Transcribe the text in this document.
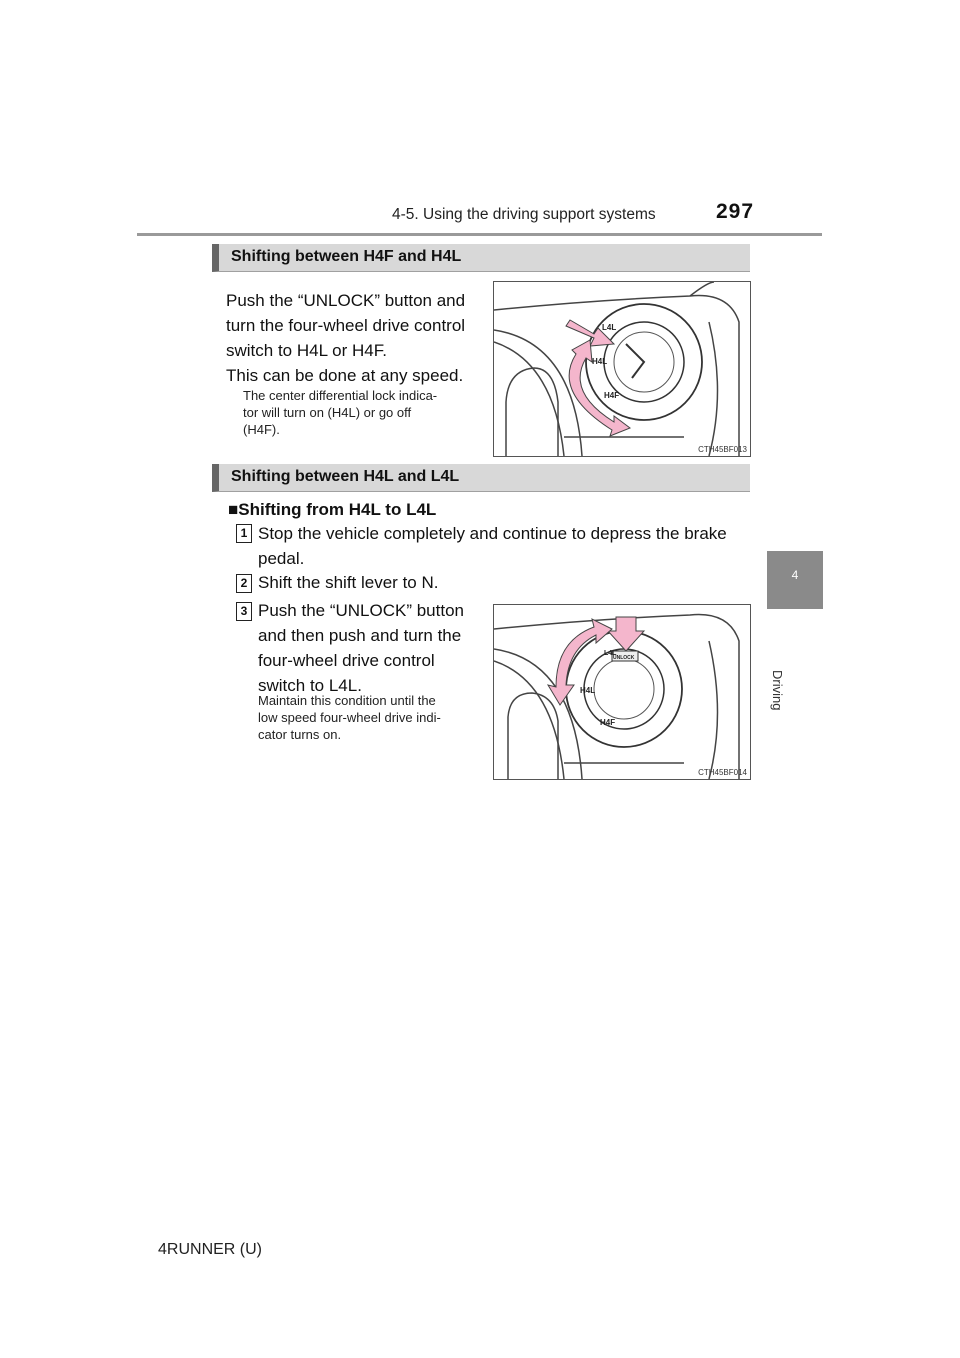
4-5. Using the driving support systems	297
4
Driving
Shifting between H4F and H4L
Push the “UNLOCK” button and
turn the four-wheel drive control
switch to H4L or H4F.
This can be done at any speed.
The center differential lock indica-
tor will turn on (H4L) or go off
(H4F).
L4L
H4L
H4F
CTH45BF013
Shifting between H4L and L4L
■Shifting from H4L to L4L
1 Stop the vehicle completely and continue to depress the brake
pedal.
2 Shift the shift lever to N.
3 Push the “UNLOCK” button
and then push and turn the
four-wheel drive control
switch to L4L.
Maintain this condition until the
low speed four-wheel drive indi-
cator turns on.
UNLOCK
L4L
H4L
H4F
CTH45BF014
4RUNNER (U)
